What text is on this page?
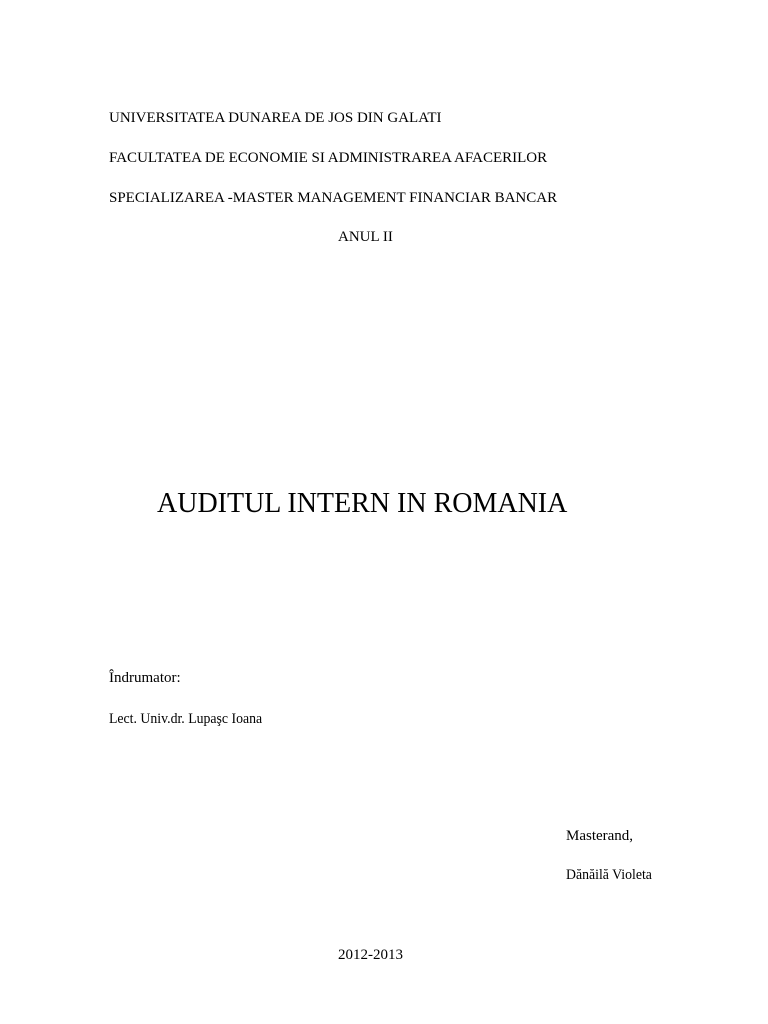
UNIVERSITATEA DUNAREA DE JOS DIN GALATI
FACULTATEA DE ECONOMIE SI ADMINISTRAREA AFACERILOR
SPECIALIZAREA -MASTER MANAGEMENT FINANCIAR BANCAR
ANUL II
AUDITUL INTERN IN ROMANIA
Îndrumator:
Lect. Univ.dr. Lupaşc Ioana
Masterand,
Dănăilă Violeta
2012-2013
